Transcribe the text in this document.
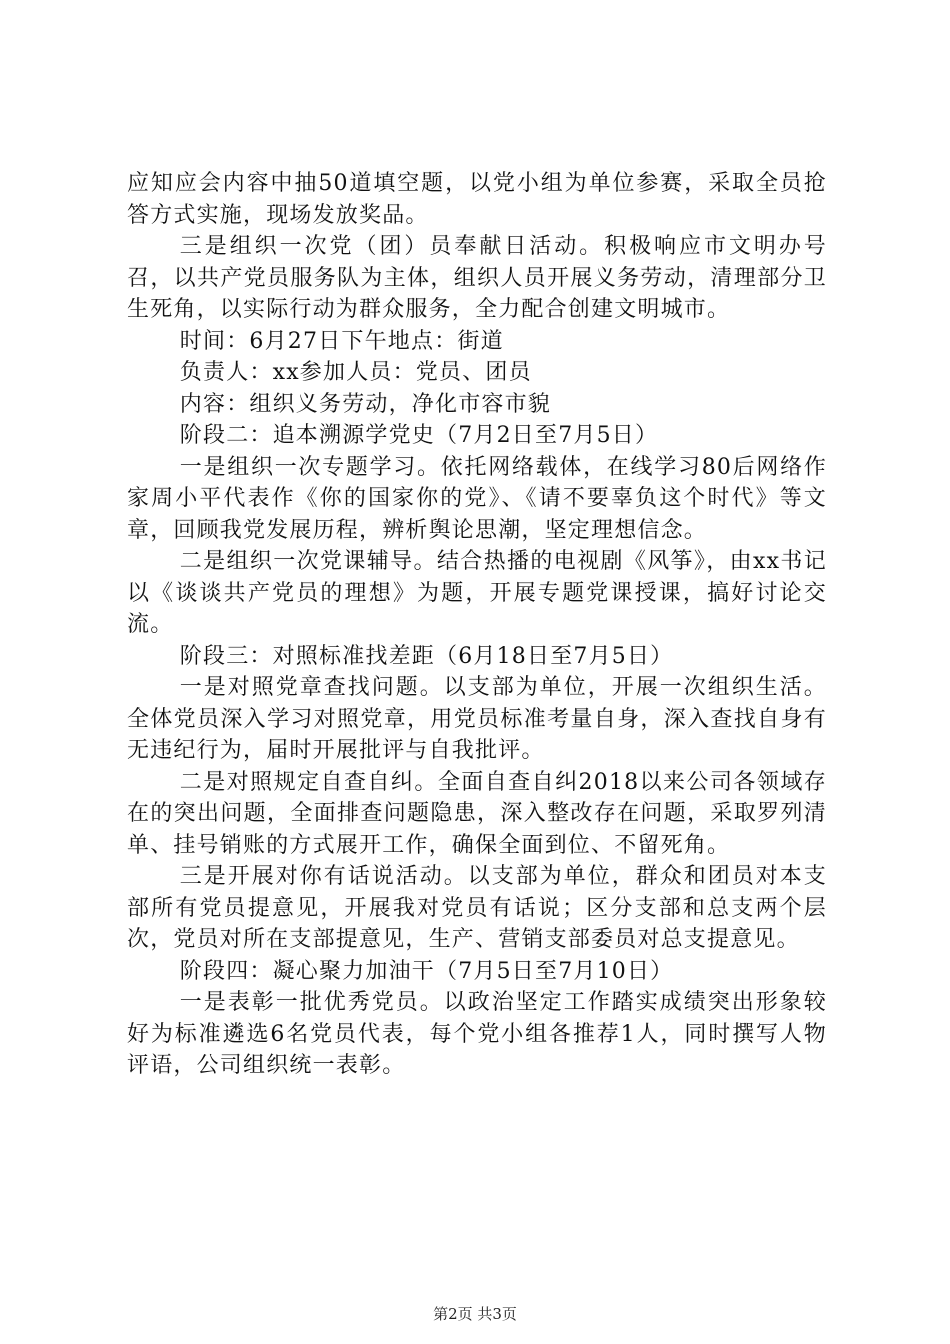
应知应会内容中抽50道填空题，以党小组为单位参赛，采取全员抢答方式实施，现场发放奖品。

三是组织一次党（团）员奉献日活动。积极响应市文明办号召，以共产党员服务队为主体，组织人员开展义务劳动，清理部分卫生死角，以实际行动为群众服务，全力配合创建文明城市。

时间：6月27日下午地点：街道

负责人：xx参加人员：党员、团员

内容：组织义务劳动，净化市容市貌

阶段二：追本溯源学党史（7月2日至7月5日）

一是组织一次专题学习。依托网络载体，在线学习80后网络作家周小平代表作《你的国家你的党》、《请不要辜负这个时代》等文章，回顾我党发展历程，辨析舆论思潮，坚定理想信念。

二是组织一次党课辅导。结合热播的电视剧《风筝》，由xx书记以《谈谈共产党员的理想》为题，开展专题党课授课，搞好讨论交流。

阶段三：对照标准找差距（6月18日至7月5日）

一是对照党章查找问题。以支部为单位，开展一次组织生活。全体党员深入学习对照党章，用党员标准考量自身，深入查找自身有无违纪行为，届时开展批评与自我批评。

二是对照规定自查自纠。全面自查自纠2018以来公司各领域存在的突出问题，全面排查问题隐患，深入整改存在问题，采取罗列清单、挂号销账的方式展开工作，确保全面到位、不留死角。

三是开展对你有话说活动。以支部为单位，群众和团员对本支部所有党员提意见，开展我对党员有话说；区分支部和总支两个层次，党员对所在支部提意见，生产、营销支部委员对总支提意见。

阶段四：凝心聚力加油干（7月5日至7月10日）

一是表彰一批优秀党员。以政治坚定工作踏实成绩突出形象较好为标准遴选6名党员代表，每个党小组各推荐1人，同时撰写人物评语，公司组织统一表彰。

第2页 共3页
